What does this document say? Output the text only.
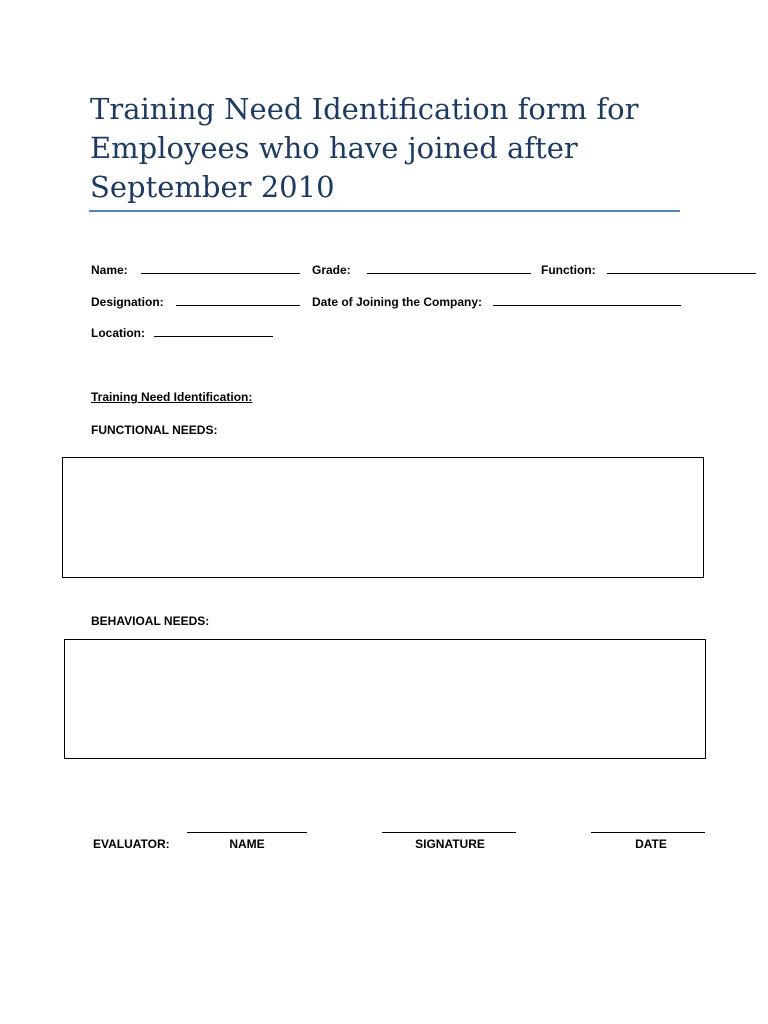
Training Need Identification form for Employees who have joined after September 2010
Name:	Grade:	Function:
Designation:	Date of Joining the Company:
Location:
Training Need Identification:
FUNCTIONAL NEEDS:
BEHAVIOAL NEEDS:
EVALUATOR:	NAME	SIGNATURE	DATE
